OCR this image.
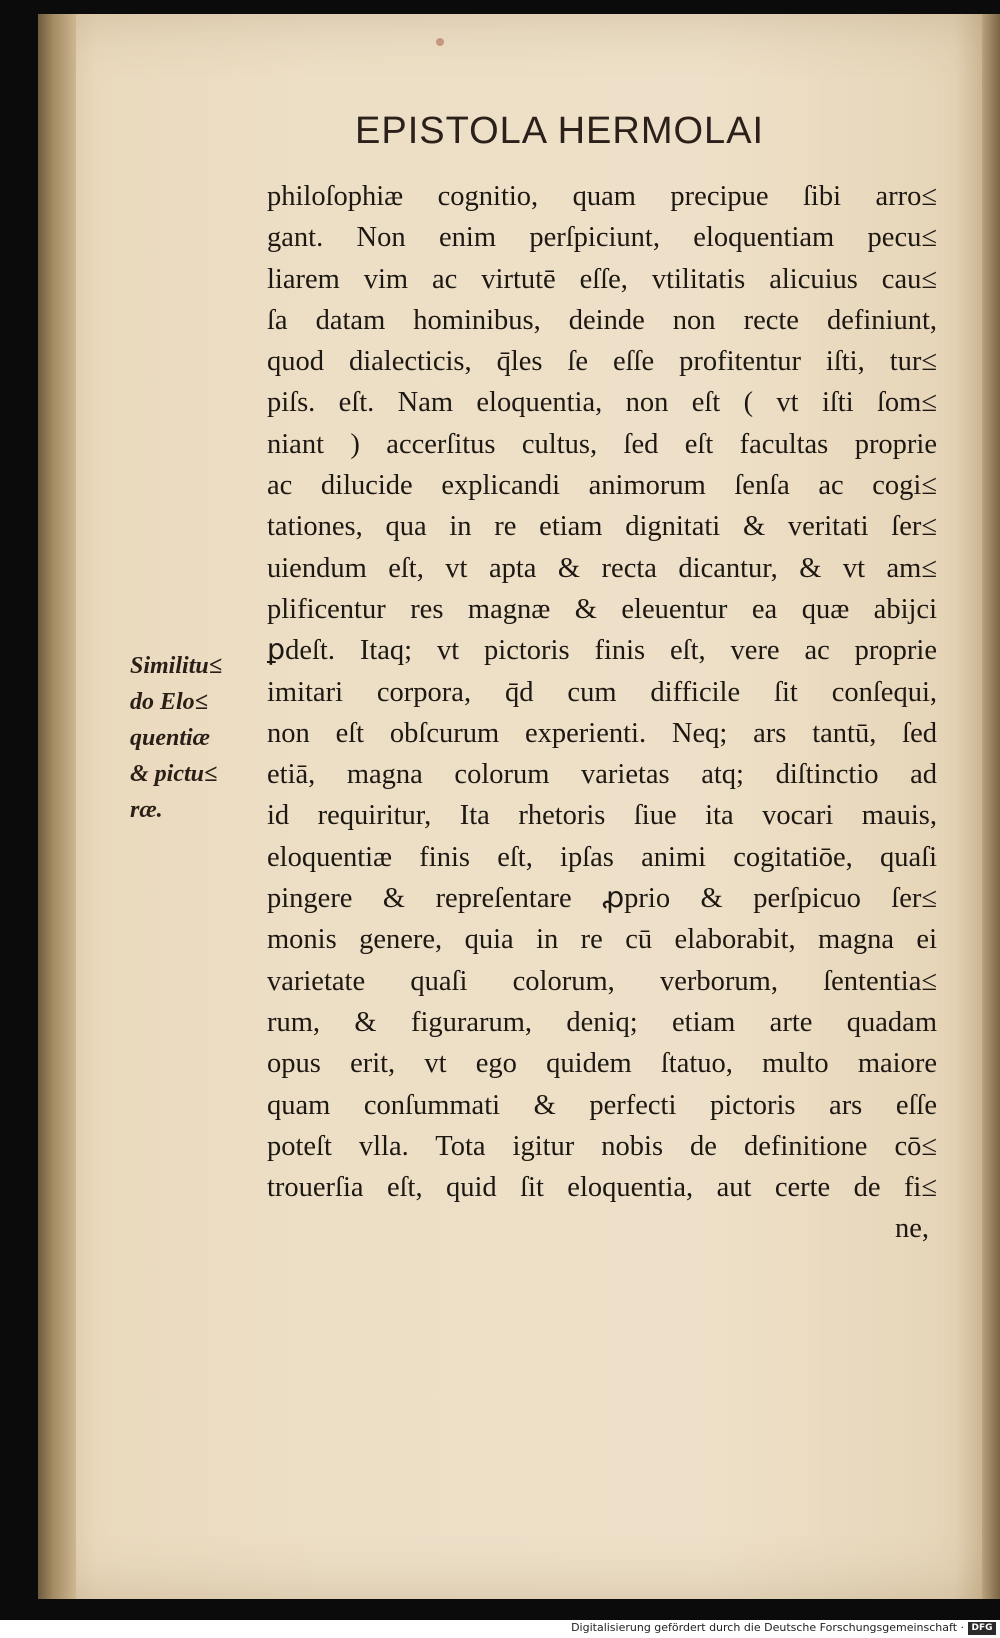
EPISTOLA HERMOLAI
Similitu≤
do Elo≤
quentiæ
& pictu≤
ræ.
philoſophiæ cognitio, quam precipue ſibi arro≤
gant. Non enim perſpiciunt, eloquentiam pecu≤
liarem vim ac virtutē eſſe, vtilitatis alicuius cau≤
ſa datam hominibus, deinde non recte definiunt,
quod dialecticis, q̄les ſe eſſe profitentur iſti, tur≤
piſs. eſt. Nam eloquentia, non eſt ( vt iſti ſom≤
niant ) accerſitus cultus, ſed eſt facultas proprie
ac dilucide explicandi animorum ſenſa ac cogi≤
tationes, qua in re etiam dignitati & veritati ſer≤
uiendum eſt, vt apta & recta dicantur, & vt am≤
plificentur res magnæ & eleuentur ea quæ abijci
ꝑdeſt. Itaq; vt pictoris finis eſt, vere ac proprie
imitari corpora, q̄d cum difficile ſit conſequi,
non eſt obſcurum experienti. Neq; ars tantū, ſed
etiā, magna colorum varietas atq; diſtinctio ad
id requiritur, Ita rhetoris ſiue ita vocari mauis,
eloquentiæ finis eſt, ipſas animi cogitatiōe, quaſi
pingere & repreſentare ꝓprio & perſpicuo ſer≤
monis genere, quia in re cū elaborabit, magna ei
varietate quaſi colorum, verborum, ſententia≤
rum, & figurarum, deniq; etiam arte quadam
opus erit, vt ego quidem ſtatuo, multo maiore
quam conſummati & perfecti pictoris ars eſſe
poteſt vlla. Tota igitur nobis de definitione cō≤
trouerſia eſt, quid ſit eloquentia, aut certe de fi≤
ne,
Digitalisierung gefördert durch die Deutsche Forschungsgemeinschaft · DFG
